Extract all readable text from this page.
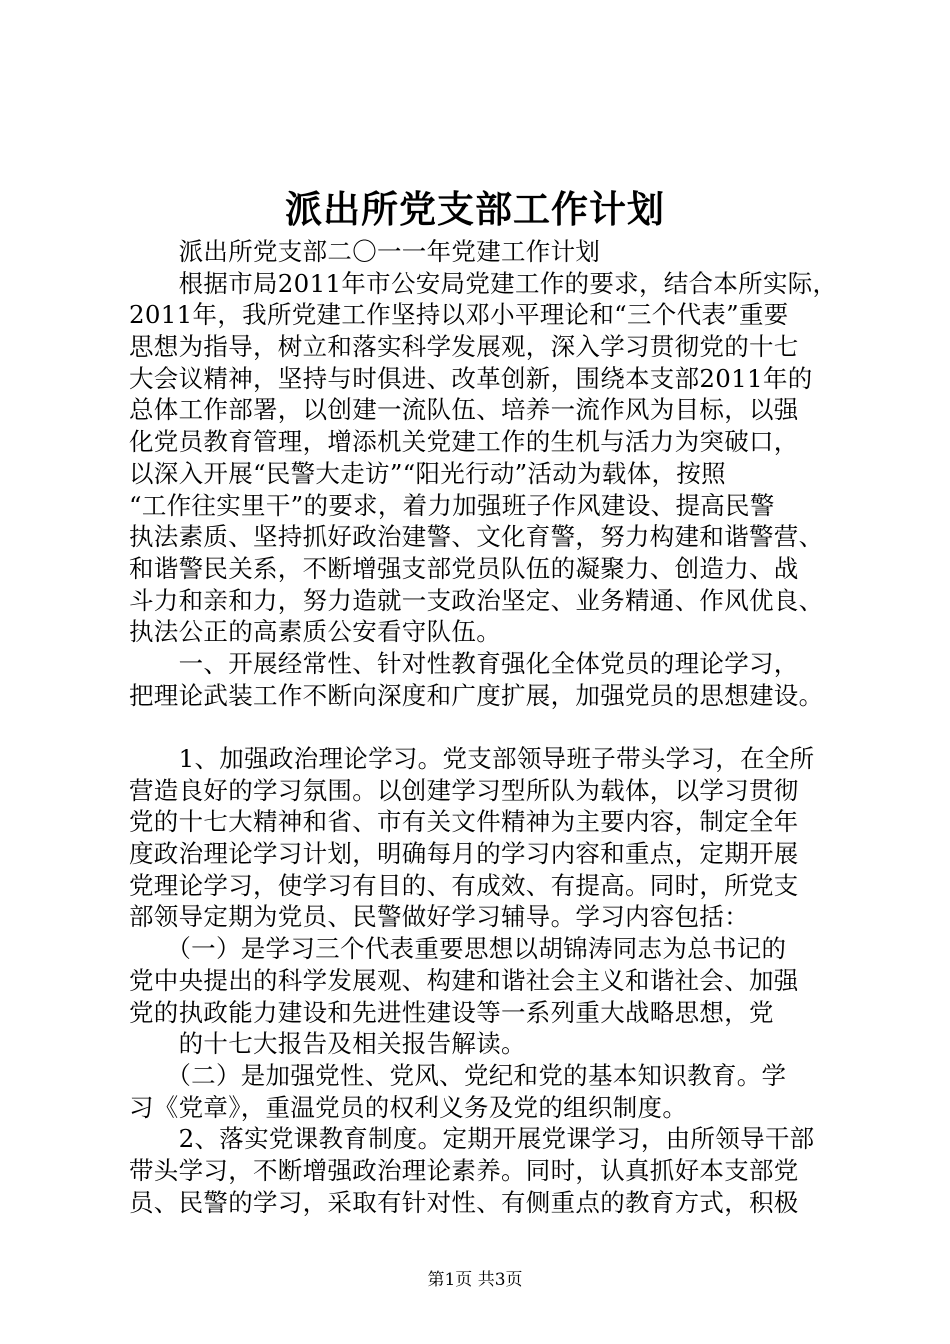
派出所党支部工作计划
　　派出所党支部二〇一一年党建工作计划
　　根据市局2011年市公安局党建工作的要求，结合本所实际，
2011年，我所党建工作坚持以邓小平理论和“三个代表”重要
思想为指导，树立和落实科学发展观，深入学习贯彻党的十七
大会议精神，坚持与时俱进、改革创新，围绕本支部2011年的
总体工作部署，以创建一流队伍、培养一流作风为目标，以强
化党员教育管理，增添机关党建工作的生机与活力为突破口，
以深入开展“民警大走访”“阳光行动”活动为载体，按照
“工作往实里干”的要求，着力加强班子作风建设、提高民警
执法素质、坚持抓好政治建警、文化育警，努力构建和谐警营、
和谐警民关系，不断增强支部党员队伍的凝聚力、创造力、战
斗力和亲和力，努力造就一支政治坚定、业务精通、作风优良、
执法公正的高素质公安看守队伍。
　　一、开展经常性、针对性教育强化全体党员的理论学习，
把理论武装工作不断向深度和广度扩展，加强党员的思想建设。
　　1、加强政治理论学习。党支部领导班子带头学习，在全所
营造良好的学习氛围。以创建学习型所队为载体，以学习贯彻
党的十七大精神和省、市有关文件精神为主要内容，制定全年
度政治理论学习计划，明确每月的学习内容和重点，定期开展
党理论学习，使学习有目的、有成效、有提高。同时，所党支
部领导定期为党员、民警做好学习辅导。学习内容包括：
　　（一）是学习三个代表重要思想以胡锦涛同志为总书记的
党中央提出的科学发展观、构建和谐社会主义和谐社会、加强
党的执政能力建设和先进性建设等一系列重大战略思想，党
　　的十七大报告及相关报告解读。
　　（二）是加强党性、党风、党纪和党的基本知识教育。学
习《党章》，重温党员的权利义务及党的组织制度。
　　2、落实党课教育制度。定期开展党课学习，由所领导干部
带头学习，不断增强政治理论素养。同时，认真抓好本支部党
员、民警的学习，采取有针对性、有侧重点的教育方式，积极
第1页 共3页
